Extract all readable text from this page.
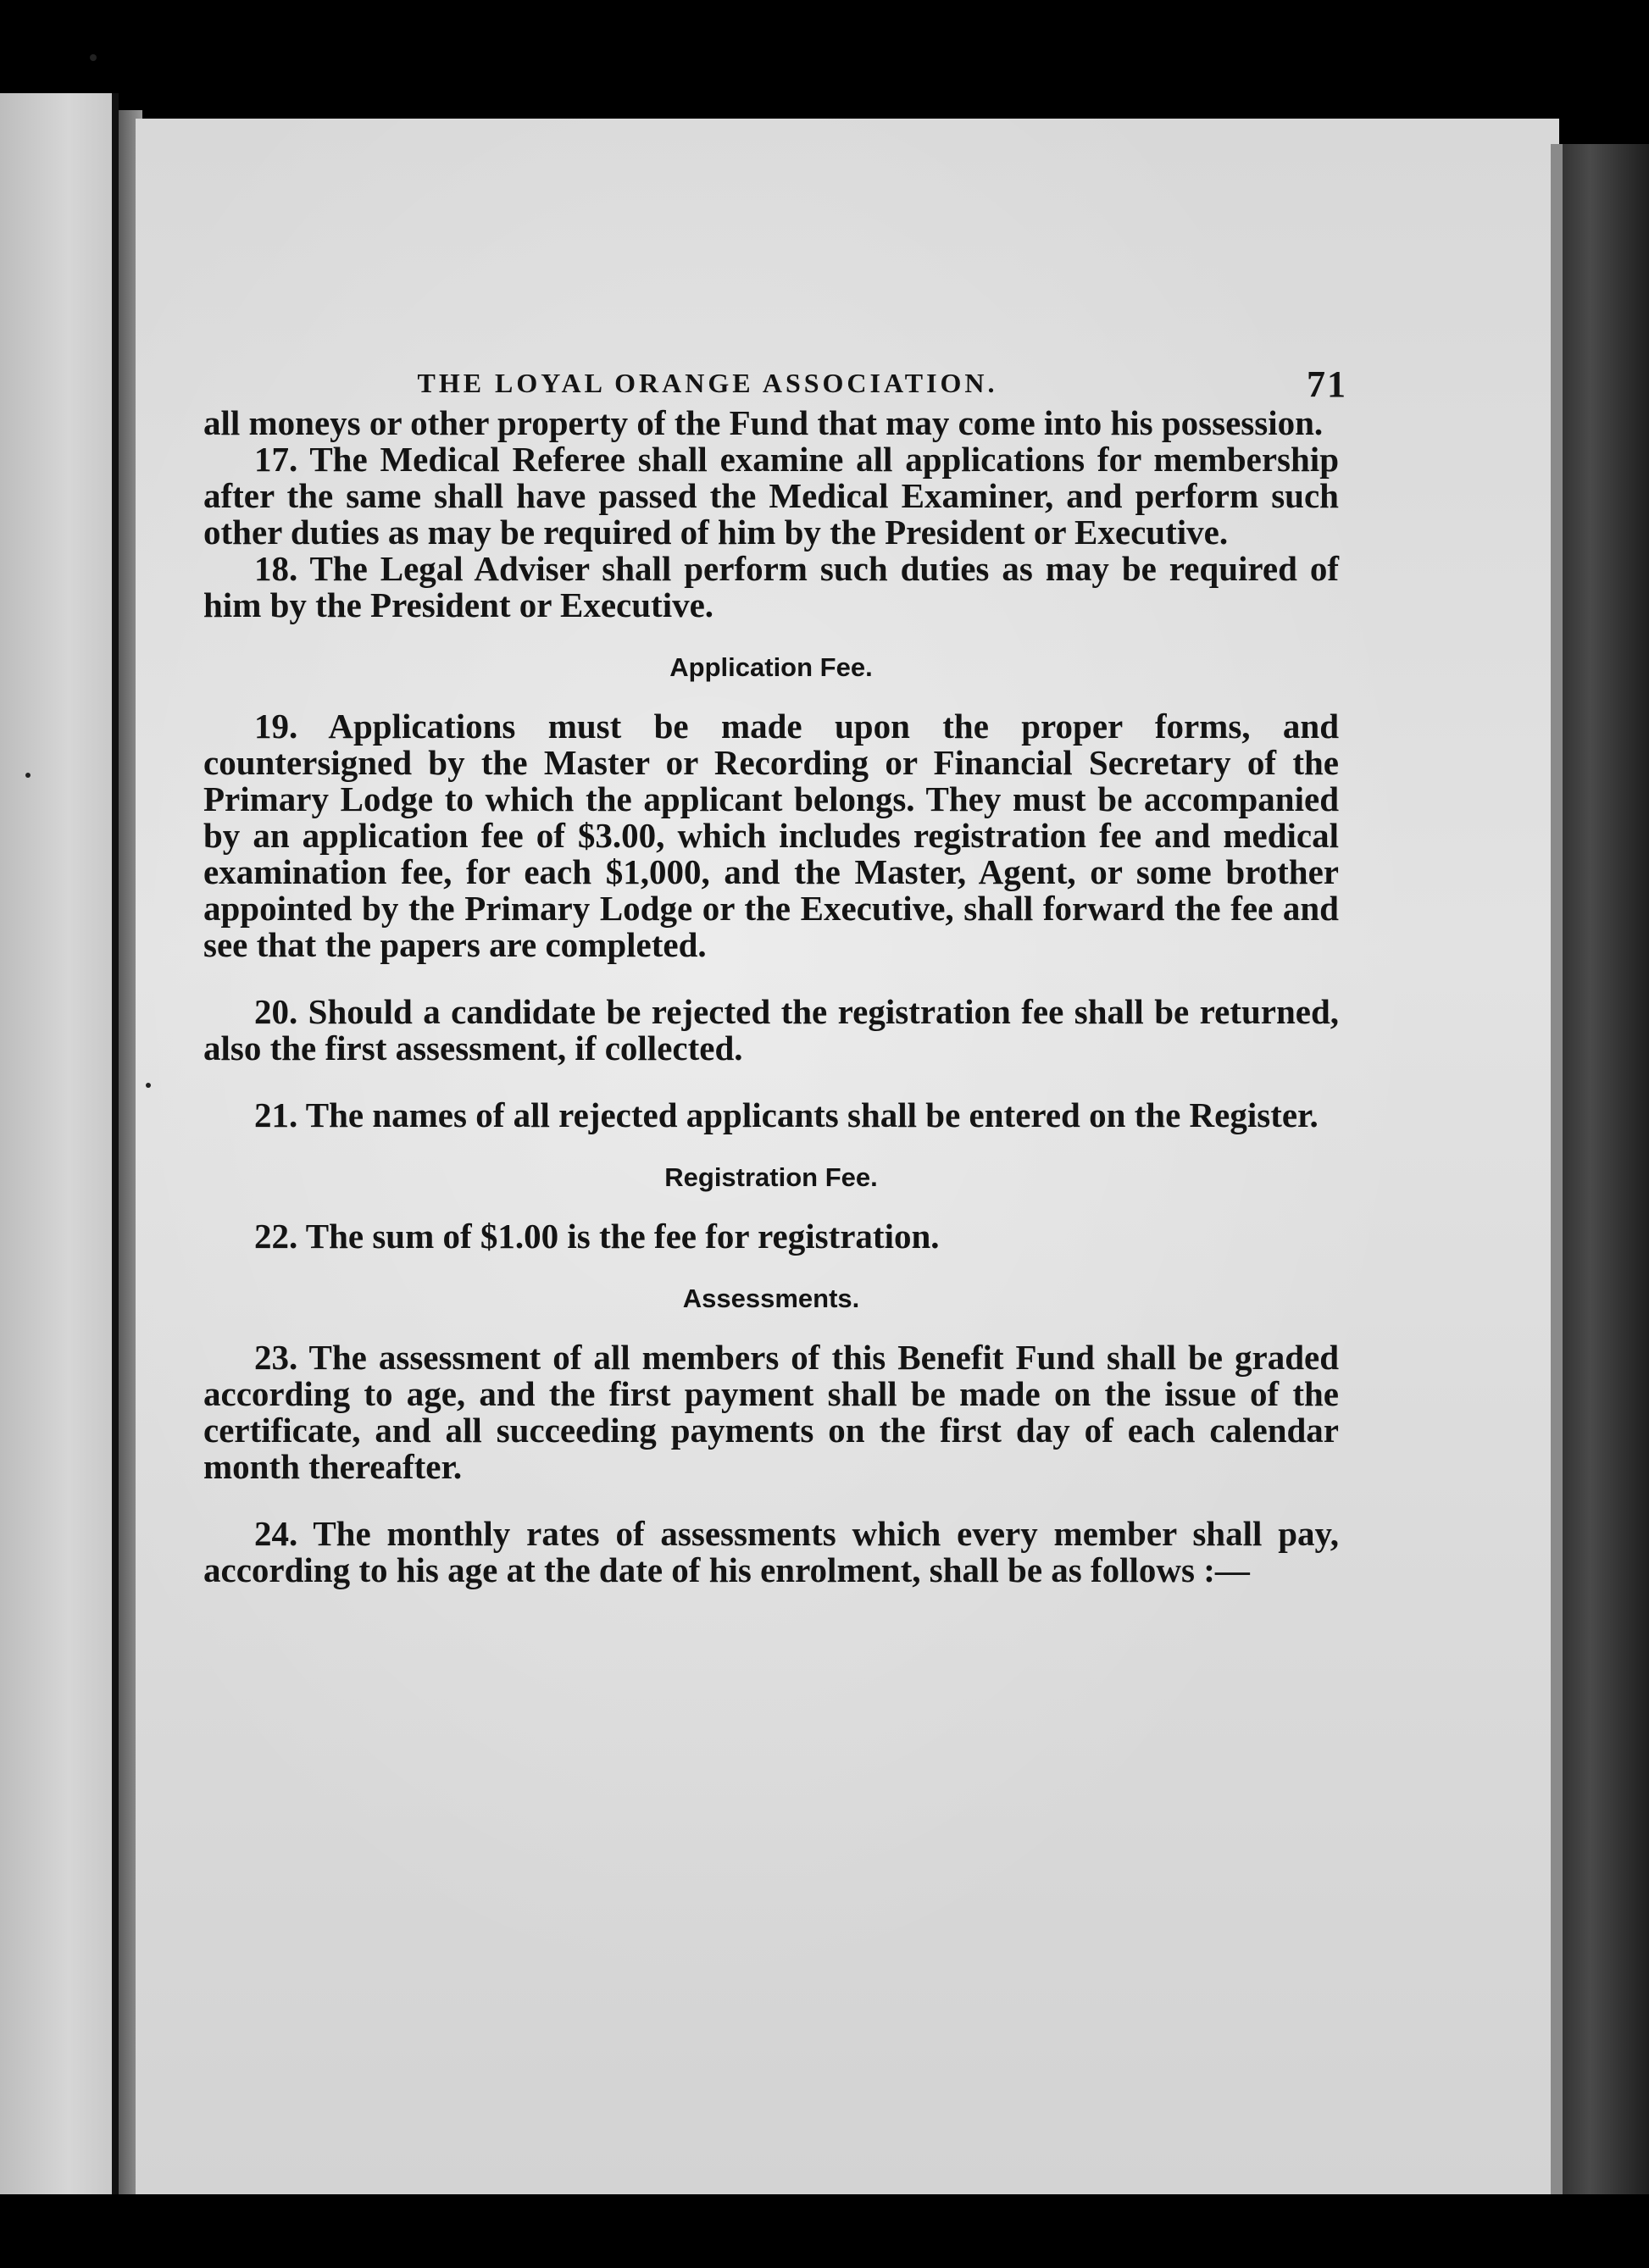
THE LOYAL ORANGE ASSOCIATION.	71

all moneys or other property of the Fund that may come into his possession.

17. The Medical Referee shall examine all applications for membership after the same shall have passed the Medical Examiner, and perform such other duties as may be required of him by the President or Executive.

18. The Legal Adviser shall perform such duties as may be required of him by the President or Executive.

Application Fee.

19. Applications must be made upon the proper forms, and countersigned by the Master or Recording or Financial Secretary of the Primary Lodge to which the applicant belongs. They must be accompanied by an application fee of $3.00, which includes registration fee and medical examination fee, for each $1,000, and the Master, Agent, or some brother appointed by the Primary Lodge or the Executive, shall forward the fee and see that the papers are completed.

20. Should a candidate be rejected the registration fee shall be returned, also the first assessment, if collected.

21. The names of all rejected applicants shall be entered on the Register.

Registration Fee.

22. The sum of $1.00 is the fee for registration.

Assessments.

23. The assessment of all members of this Benefit Fund shall be graded according to age, and the first payment shall be made on the issue of the certificate, and all succeeding payments on the first day of each calendar month thereafter.

24. The monthly rates of assessments which every member shall pay, according to his age at the date of his enrolment, shall be as follows :—
